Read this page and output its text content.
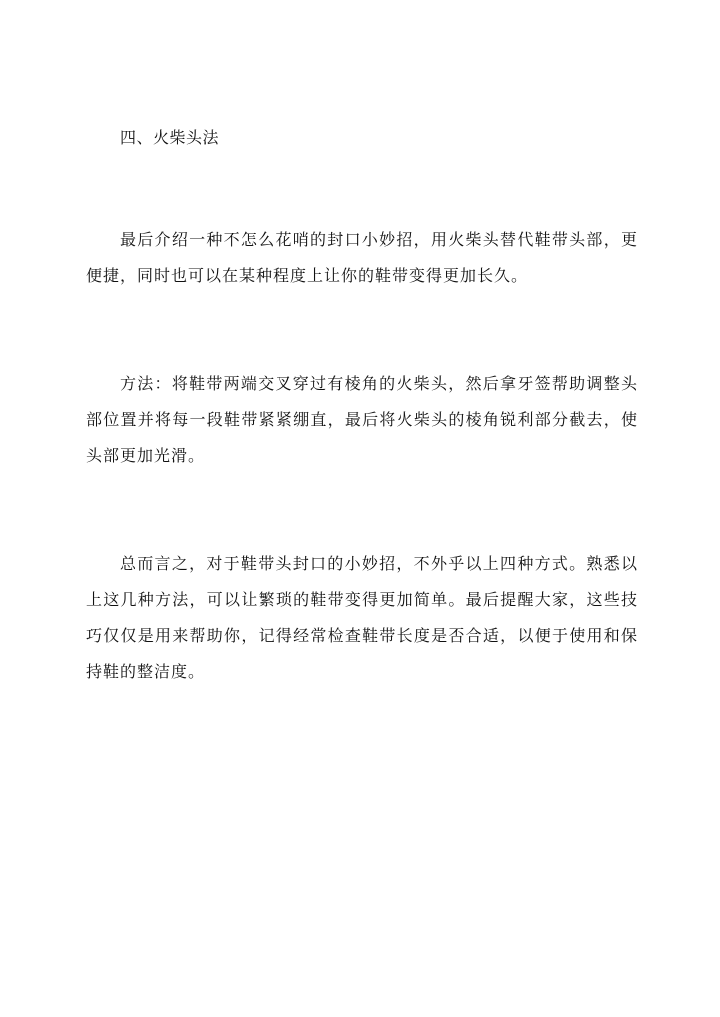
四、火柴头法

最后介绍一种不怎么花哨的封口小妙招，用火柴头替代鞋带头部，更便捷，同时也可以在某种程度上让你的鞋带变得更加长久。

方法：将鞋带两端交叉穿过有棱角的火柴头，然后拿牙签帮助调整头部位置并将每一段鞋带紧紧绷直，最后将火柴头的棱角锐利部分截去，使头部更加光滑。

总而言之，对于鞋带头封口的小妙招，不外乎以上四种方式。熟悉以上这几种方法，可以让繁琐的鞋带变得更加简单。最后提醒大家，这些技巧仅仅是用来帮助你，记得经常检查鞋带长度是否合适，以便于使用和保持鞋的整洁度。
